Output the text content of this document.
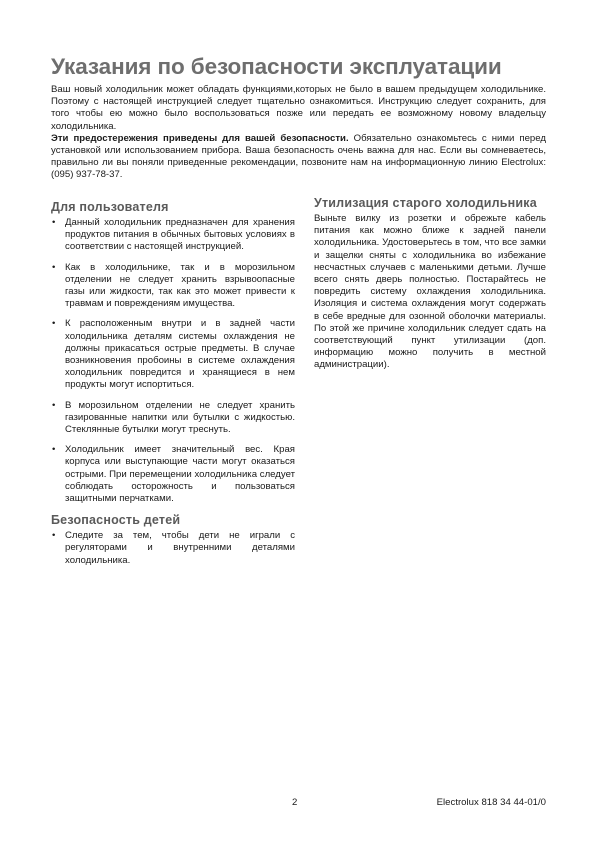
Указания по безопасности эксплуатации

Ваш новый холодильник может обладать функциями,которых не было в вашем предыдущем холодильнике. Поэтому с настоящей инструкцией следует тщательно ознакомиться. Инструкцию следует сохранить, для того чтобы ею можно было воспользоваться позже или передать ее возможному новому владельцу холодильника.

Эти предостережения приведены для вашей безопасности. Обязательно ознакомьтесь с ними перед установкой или использованием прибора. Ваша безопасность очень важна для нас. Если вы сомневаетесь, правильно ли вы поняли приведенные рекомендации, позвоните нам на информационную линию Electrolux: (095) 937-78-37.

Для пользователя
• Данный холодильник предназначен для хранения продуктов питания в обычных бытовых условиях в соответствии с настоящей инструкцией.
• Как в холодильнике, так и в морозильном отделении не следует хранить взрывоопасные газы или жидкости, так как это может привести к травмам и повреждениям имущества.
• К расположенным внутри и в задней части холодильника деталям системы охлаждения не должны прикасаться острые предметы. В случае возникновения пробоины в системе охлаждения холодильник повредится и хранящиеся в нем продукты могут испортиться.
• В морозильном отделении не следует хранить газированные напитки или бутылки с жидкостью. Стеклянные бутылки могут треснуть.
• Холодильник имеет значительный вес. Края корпуса или выступающие части могут оказаться острыми. При перемещении холодильника следует соблюдать осторожность и пользоваться защитными перчатками.
Безопасность детей
• Следите за тем, чтобы дети не играли с регуляторами и внутренними деталями холодильника.
Утилизация старого холодильника

Выньте вилку из розетки и обрежьте кабель питания как можно ближе к задней панели холодильника. Удостоверьтесь в том, что все замки и защелки сняты с холодильника во избежание несчастных случаев с маленькими детьми. Лучше всего снять дверь полностью. Постарайтесь не повредить систему охлаждения холодильника. Изоляция и система охлаждения могут содержать в себе вредные для озонной оболочки материалы. По этой же причине холодильник следует сдать на соответствующий пункт утилизации (доп. информацию можно получить в местной администрации).

2	Electrolux 818 34 44-01/0
